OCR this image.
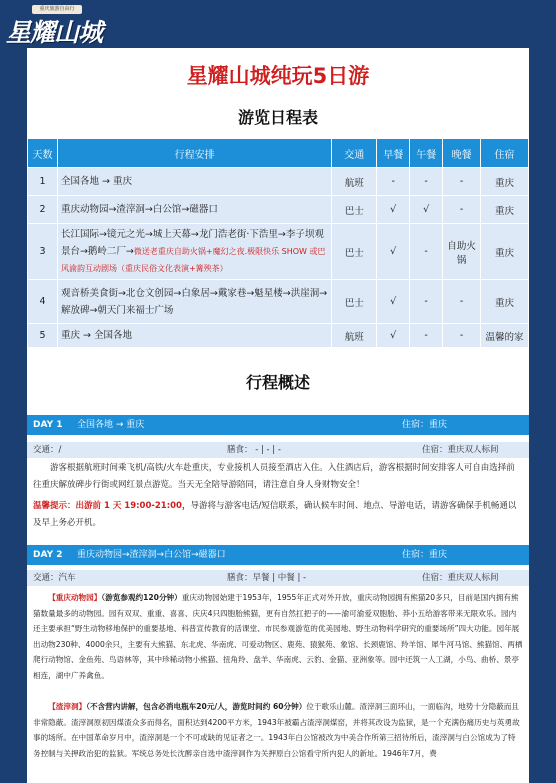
重庆旅游自由行
星耀山城
星耀山城纯玩5日游
游览日程表
天数	行程安排	交通	早餐	午餐	晚餐	住宿
1	全国各地 → 重庆	航班	-	-	-	重庆
2	重庆动物园→渣滓洞→白公馆→磁器口	巴士	√	√	-	重庆
3	长江国际→镜元之光→城上天幕→龙门浩老街·下浩里→李子坝观景台→鹅岭二厂→微送老重庆自助火锅+魔幻之夜.极限快乐 SHOW 或巴风渝韵互动剧场（重庆民俗文化表演+篝殃茶）	巴士	√	-	自助火锅	重庆
4	观音桥美食街→北仓文创园→白象居→戴家巷→魁星楼→洪崖洞→解放碑→朝天门来福士广场	巴士	√	-	-	重庆
5	重庆 → 全国各地	航班	√	-	-	温馨的家
行程概述
DAY 1 全国各地 → 重庆	住宿：重庆
交通：/	膳食： - | - | -	住宿：重庆双人标间
游客根据航班时间乘飞机/高铁/火车赴重庆，专业接机人员接至酒店入住。入住酒店后，游客根据时间安排客人可自由选择前往重庆解放碑步行街或网红景点游览。当天无全陪导游陪同，请注意自身人身财物安全！
温馨提示：出游前 1 天 19:00-21:00，导游将与游客电话/短信联系，确认候车时间、地点、导游电话，请游客确保手机畅通以及早上务必开机。
DAY 2 重庆动物园→渣滓洞→白公馆→磁器口	住宿：重庆
交通：汽车	膳食：早餐 | 中餐 | -	住宿：重庆双人标间
【重庆动物园】（游览参观约120分钟）重庆动物园始建于1953年，1955年正式对外开放，重庆动物园拥有熊猫20多只，目前是国内拥有熊猫数量最多的动物园。园有双双、重重、喜喜、庆庆4只四胞胎熊猫，更有自然扛把子的——渝可渝爱双胞胎、莽小五给游客带来无限欢乐。园内还主要承担“野生动物移地保护的重要基地、科普宣传教育的活课堂、市民参观游览的优美园地、野生动物科学研究的重要场所”四大功能。园年展出动物230种、4000余只，主要有大熊猫、东北虎、华南虎、可爱动物区、鹿苑、猿猴苑、象馆、长颈鹿馆、羚羊馆、犀牛河马馆、熊猫馆、两栖爬行动物馆、金鱼苑、鸟语林等，其中珍稀动物小熊猫、扭角羚、盘羊、华南虎、云豹、金猫、亚洲象等。园中还筑一人工湖，小鸟、曲桥、景亭相连，湖中广养禽鱼。
【渣滓洞】（不含营内讲解，包含必消电瓶车20元/人，游览时间约 60分钟）位于歌乐山麓。渣滓洞三面环山，一面临沟，地势十分隐蔽而且非常隐蔽。渣滓洞原初因煤渣众多而得名，面积达到4200平方米，1943年被霸占渣滓洞煤窑，并将其改设为监狱，是一个充满伤痛历史与英勇故事的场所。在中国革命岁月中，渣滓洞是一个不可或缺的见证者之一。1943年白公馆被改为中美合作所第三招待所后，渣滓洞与白公馆成为了特务控制与关押政治犯的监狱。军统总务处长沈醉亲自选中渣滓洞作为关押原白公馆看守所内犯人的新址。1946年7月，费
